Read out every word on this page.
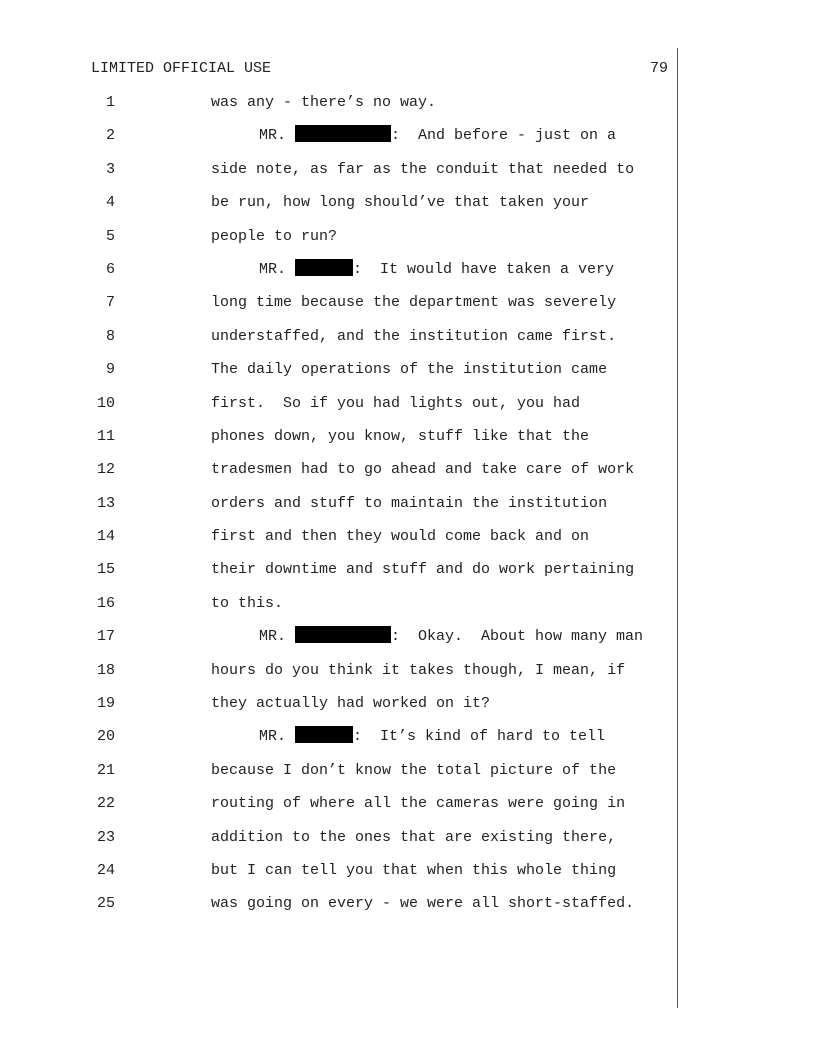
LIMITED OFFICIAL USE	79
1	was any - there’s no way.
2	MR.	:  And before - just on a
3	side note, as far as the conduit that needed to
4	be run, how long should’ve that taken your
5	people to run?
6	MR.	:  It would have taken a very
7	long time because the department was severely
8	understaffed, and the institution came first.
9	The daily operations of the institution came
10	first.  So if you had lights out, you had
11	phones down, you know, stuff like that the
12	tradesmen had to go ahead and take care of work
13	orders and stuff to maintain the institution
14	first and then they would come back and on
15	their downtime and stuff and do work pertaining
16	to this.
17	MR.	:  Okay.  About how many man
18	hours do you think it takes though, I mean, if
19	they actually had worked on it?
20	MR.	:  It’s kind of hard to tell
21	because I don’t know the total picture of the
22	routing of where all the cameras were going in
23	addition to the ones that are existing there,
24	but I can tell you that when this whole thing
25	was going on every - we were all short-staffed.
